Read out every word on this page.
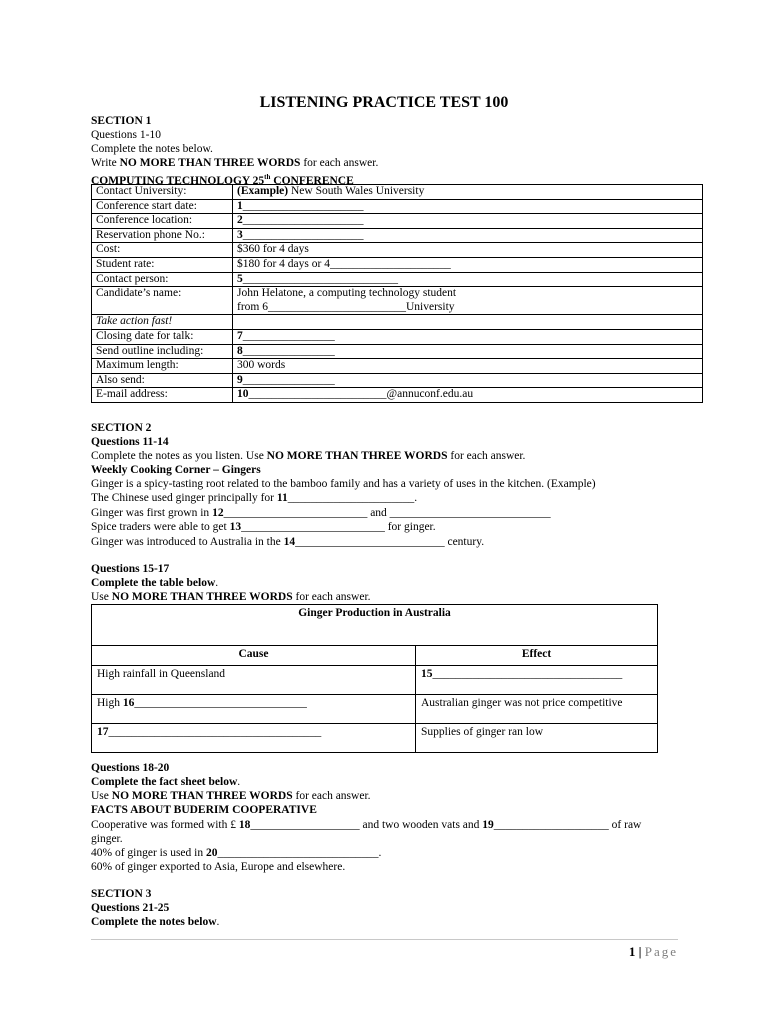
LISTENING PRACTICE TEST 100
SECTION 1
Questions 1-10
Complete the notes below.
Write NO MORE THAN THREE WORDS for each answer.
COMPUTING TECHNOLOGY 25th CONFERENCE
Contact University:	(Example) New South Wales University
Conference start date:	1_____________________
Conference location:	2_____________________
Reservation phone No.:	3_____________________
Cost:	$360 for 4 days
Student rate:	$180 for 4 days or 4_____________________
Contact person:	5___________________________
Candidate’s name:	John Helatone, a computing technology student
	from 6________________________University
Take action fast!	
Closing date for talk:	7________________
Send outline including:	8________________
Maximum length:	300 words
Also send:	9________________
E-mail address:	10________________________@annuconf.edu.au
SECTION 2
Questions 11-14
Complete the notes as you listen. Use NO MORE THAN THREE WORDS for each answer.
Weekly Cooking Corner – Gingers
Ginger is a spicy-tasting root related to the bamboo family and has a variety of uses in the kitchen. (Example)
The Chinese used ginger principally for 11______________________.
Ginger was first grown in 12_________________________ and ____________________________
Spice traders were able to get 13_________________________ for ginger.
Ginger was introduced to Australia in the 14__________________________ century.
Questions 15-17
Complete the table below.
Use NO MORE THAN THREE WORDS for each answer.
Ginger Production in Australia	
Cause	Effect
High rainfall in Queensland	15_________________________________
High 16______________________________	Australian ginger was not price competitive
17_____________________________________	Supplies of ginger ran low
Questions 18-20
Complete the fact sheet below.
Use NO MORE THAN THREE WORDS for each answer.
FACTS ABOUT BUDERIM COOPERATIVE
Cooperative was formed with £ 18___________________ and two wooden vats and 19____________________ of raw
ginger.
40% of ginger is used in 20____________________________.
60% of ginger exported to Asia, Europe and elsewhere.
SECTION 3
Questions 21-25
Complete the notes below.
1 | Page
